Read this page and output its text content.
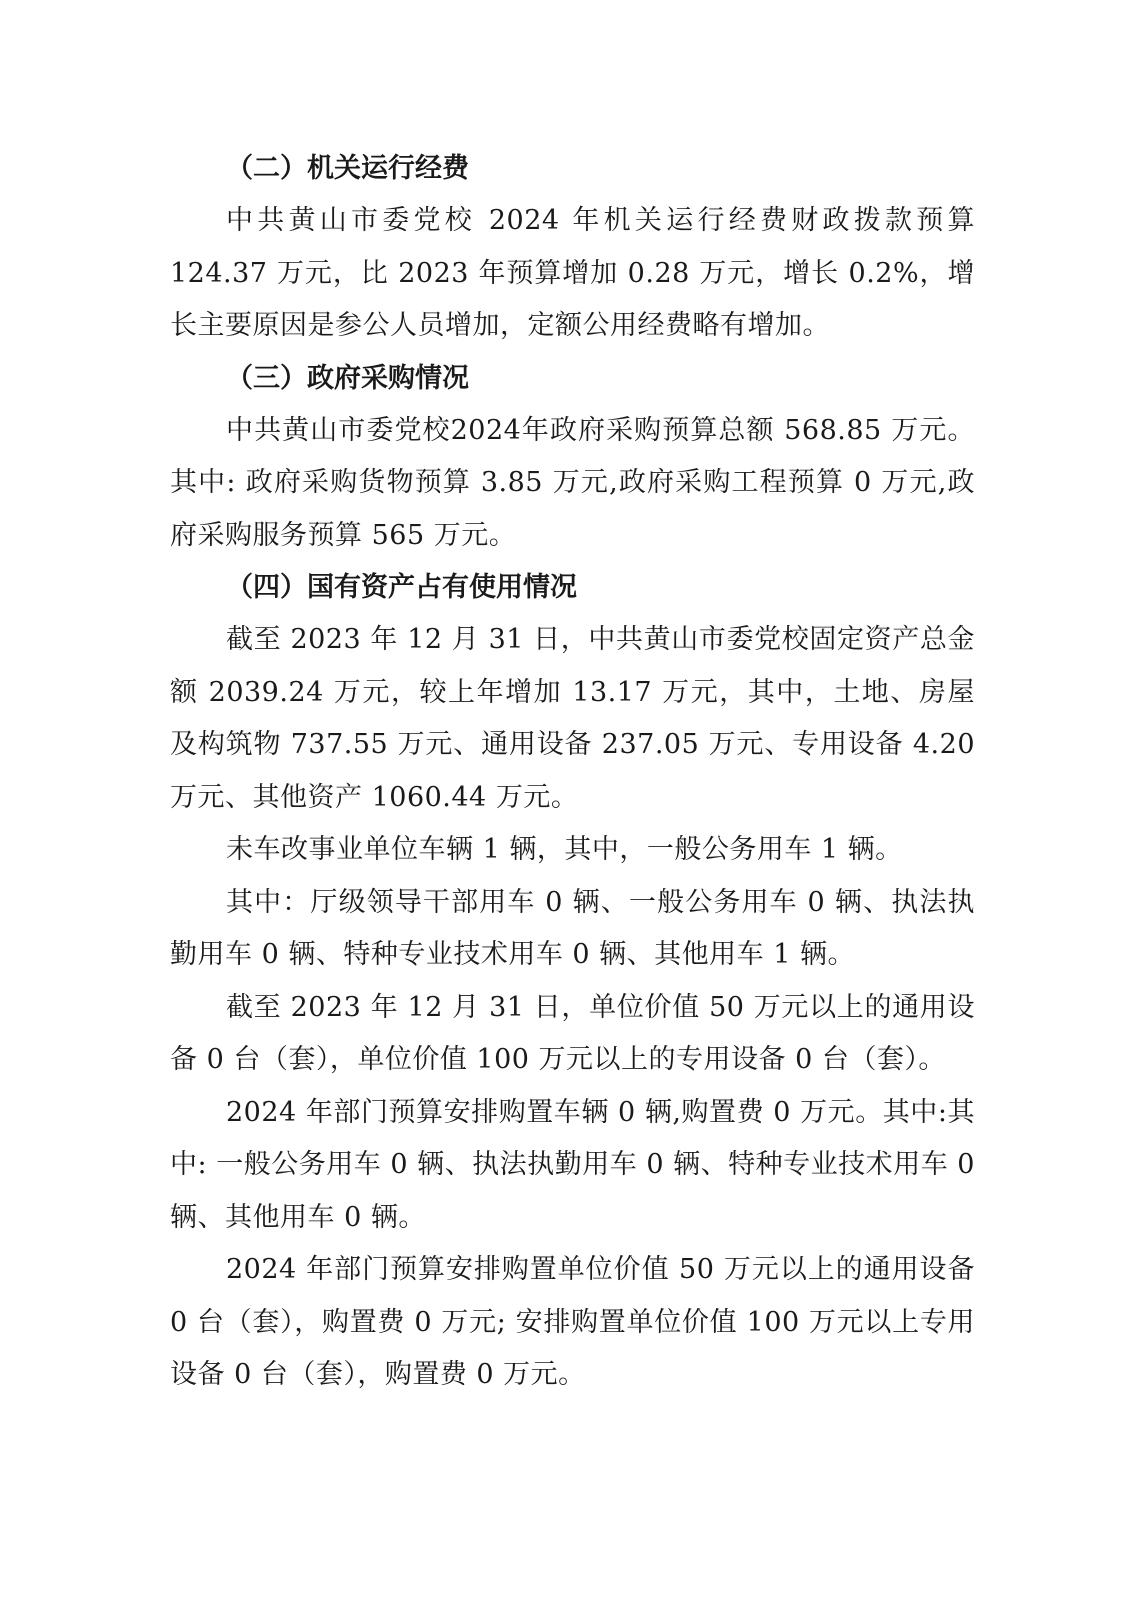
（二）机关运行经费

中共黄山市委党校 2024 年机关运行经费财政拨款预算 124.37 万元，比 2023 年预算增加 0.28 万元，增长 0.2%，增长主要原因是参公人员增加，定额公用经费略有增加。

（三）政府采购情况

中共黄山市委党校2024年政府采购预算总额 568.85 万元。其中: 政府采购货物预算 3.85 万元,政府采购工程预算 0 万元,政府采购服务预算 565 万元。

（四）国有资产占有使用情况

截至 2023 年 12 月 31 日，中共黄山市委党校固定资产总金额 2039.24 万元，较上年增加 13.17 万元，其中，土地、房屋及构筑物 737.55 万元、通用设备 237.05 万元、专用设备 4.20 万元、其他资产 1060.44 万元。

未车改事业单位车辆 1 辆，其中，一般公务用车 1 辆。

其中：厅级领导干部用车 0 辆、一般公务用车 0 辆、执法执勤用车 0 辆、特种专业技术用车 0 辆、其他用车 1 辆。

截至 2023 年 12 月 31 日，单位价值 50 万元以上的通用设备 0 台（套），单位价值 100 万元以上的专用设备 0 台（套）。

2024 年部门预算安排购置车辆 0 辆,购置费 0 万元。其中:其中: 一般公务用车 0 辆、执法执勤用车 0 辆、特种专业技术用车 0 辆、其他用车 0 辆。

2024 年部门预算安排购置单位价值 50 万元以上的通用设备 0 台（套），购置费 0 万元; 安排购置单位价值 100 万元以上专用设备 0 台（套），购置费 0 万元。
